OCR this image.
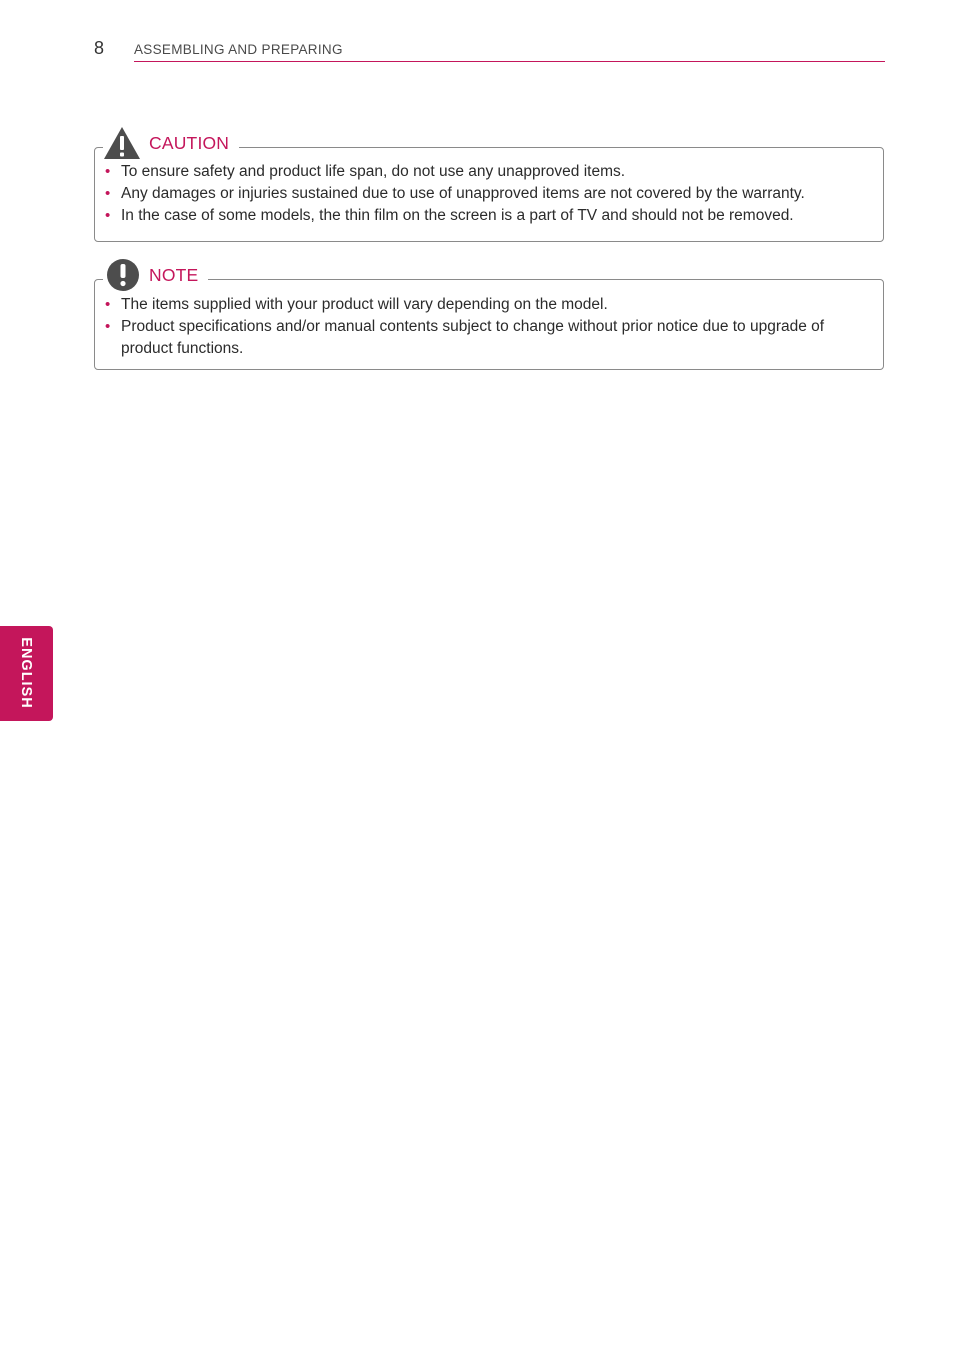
8 ASSEMBLING AND PREPARING
CAUTION
• To ensure safety and product life span, do not use any unapproved items.
• Any damages or injuries sustained due to use of unapproved items are not covered by the warranty.
• In the case of some models, the thin film on the screen is a part of TV and should not be removed.
NOTE
• The items supplied with your product will vary depending on the model.
• Product specifications and/or manual contents subject to change without prior notice due to upgrade of product functions.
ENGLISH
